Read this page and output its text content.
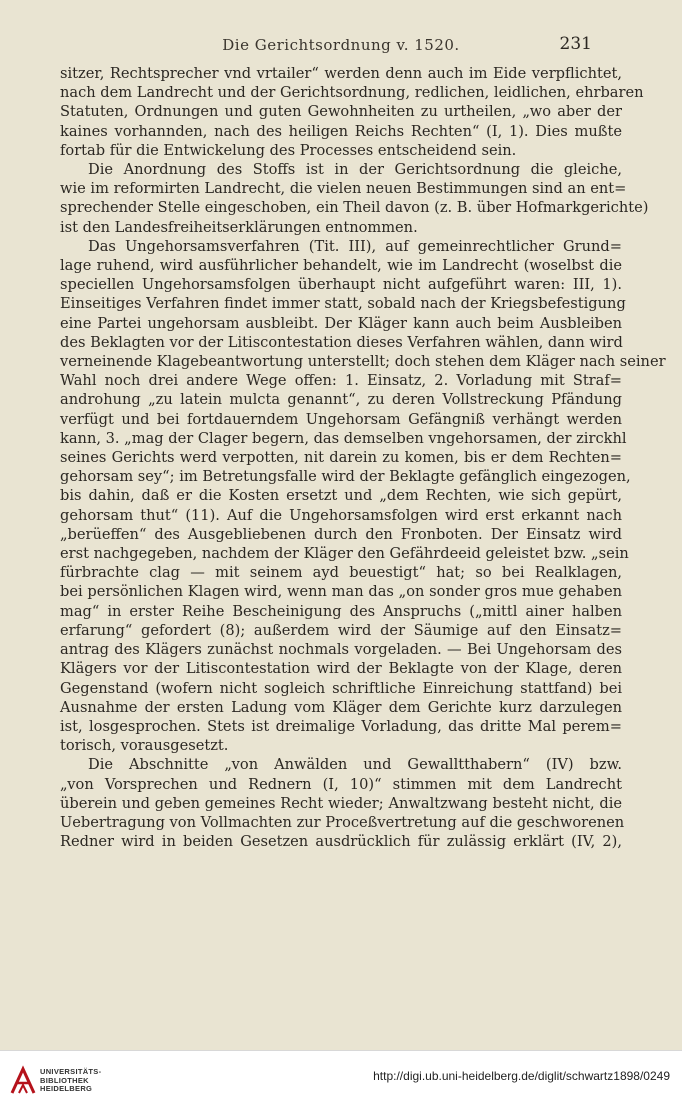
Die Gerichtsordnung v. 1520.	231
sitzer, Rechtsprecher vnd vrtailer“ werden denn auch im Eide verpflichtet,
nach dem Landrecht und der Gerichtsordnung, redlichen, leidlichen, ehrbaren
Statuten, Ordnungen und guten Gewohnheiten zu urtheilen, „wo aber der
kaines vorhannden, nach des heiligen Reichs Rechten“ (I, 1). Dies mußte
fortab für die Entwickelung des Processes entscheidend sein.
Die Anordnung des Stoffs ist in der Gerichtsordnung die gleiche,
wie im reformirten Landrecht, die vielen neuen Bestimmungen sind an ent=
sprechender Stelle eingeschoben, ein Theil davon (z. B. über Hofmarkgerichte)
ist den Landesfreiheitserklärungen entnommen.
Das Ungehorsamsverfahren (Tit. III), auf gemeinrechtlicher Grund=
lage ruhend, wird ausführlicher behandelt, wie im Landrecht (woselbst die
speciellen Ungehorsamsfolgen überhaupt nicht aufgeführt waren: III, 1).
Einseitiges Verfahren findet immer statt, sobald nach der Kriegsbefestigung
eine Partei ungehorsam ausbleibt. Der Kläger kann auch beim Ausbleiben
des Beklagten vor der Litiscontestation dieses Verfahren wählen, dann wird
verneinende Klagebeantwortung unterstellt; doch stehen dem Kläger nach seiner
Wahl noch drei andere Wege offen: 1. Einsatz, 2. Vorladung mit Straf=
androhung „zu latein mulcta genannt“, zu deren Vollstreckung Pfändung
verfügt und bei fortdauerndem Ungehorsam Gefängniß verhängt werden
kann, 3. „mag der Clager begern, das demselben vngehorsamen, der zirckhl
seines Gerichts werd verpotten, nit darein zu komen, bis er dem Rechten=
gehorsam sey“; im Betretungsfalle wird der Beklagte gefänglich eingezogen,
bis dahin, daß er die Kosten ersetzt und „dem Rechten, wie sich gepürt,
gehorsam thut“ (11). Auf die Ungehorsamsfolgen wird erst erkannt nach
„berüeffen“ des Ausgebliebenen durch den Fronboten. Der Einsatz wird
erst nachgegeben, nachdem der Kläger den Gefährdeeid geleistet bzw. „sein
fürbrachte clag — mit seinem ayd beuestigt“ hat; so bei Realklagen,
bei persönlichen Klagen wird, wenn man das „on sonder gros mue gehaben
mag“ in erster Reihe Bescheinigung des Anspruchs („mittl ainer halben
erfarung“ gefordert (8); außerdem wird der Säumige auf den Einsatz=
antrag des Klägers zunächst nochmals vorgeladen. — Bei Ungehorsam des
Klägers vor der Litiscontestation wird der Beklagte von der Klage, deren
Gegenstand (wofern nicht sogleich schriftliche Einreichung stattfand) bei
Ausnahme der ersten Ladung vom Kläger dem Gerichte kurz darzulegen
ist, losgesprochen. Stets ist dreimalige Vorladung, das dritte Mal perem=
torisch, vorausgesetzt.
Die Abschnitte „von Anwälden und Gewalltthabern“ (IV) bzw.
„von Vorsprechen und Rednern (I, 10)“ stimmen mit dem Landrecht
überein und geben gemeines Recht wieder; Anwaltzwang besteht nicht, die
Uebertragung von Vollmachten zur Proceßvertretung auf die geschworenen
Redner wird in beiden Gesetzen ausdrücklich für zulässig erklärt (IV, 2),
UNIVERSITÄTS-
BIBLIOTHEK
HEIDELBERG
http://digi.ub.uni-heidelberg.de/diglit/schwartz1898/0249
